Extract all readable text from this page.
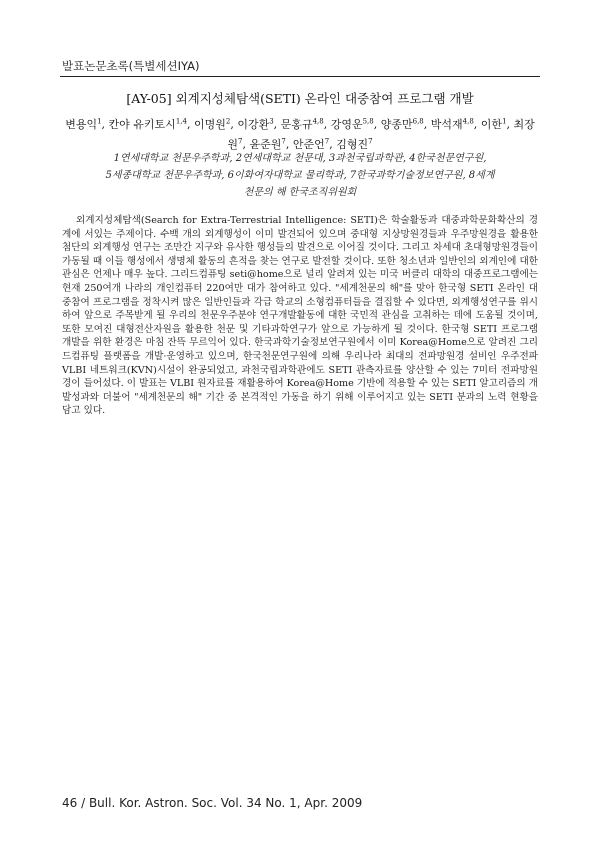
발표논문초록(특별세션IYA)
[AY-05] 외계지성체탐색(SETI) 온라인 대중참여 프로그램 개발
변용익$^1$, 칸야 유키토시$^{1,4}$, 이명원$^2$, 이강환$^3$, 문홍규$^{4,8}$, 강영운$^{5,8}$, 양종만$^{6,8}$, 박석재$^{4,8}$, 이한$^1$, 최장원$^7$, 윤준원$^7$, 안준언$^7$, 김형진$^7$
1연세대학교 천문우주학과, 2연세대학교 천문대, 3과천국립과학관, 4한국천문연구원,
5세종대학교 천문우주학과, 6이화여자대학교 물리학과, 7한국과학기술정보연구원, 8세계
천문의 해 한국조직위원회

외계지성체탐색(Search for Extra-Terrestrial Intelligence: SETI)은 학술활동과 대중과학문화확산의 경계에 서있는 주제이다. 수백 개의 외계행성이 이미 발견되어 있으며 중대형 지상망원경들과 우주망원경을 활용한 첨단의 외계행성 연구는 조만간 지구와 유사한 행성들의 발견으로 이어질 것이다. 그리고 차세대 초대형망원경들이 가동될 때 이들 행성에서 생명체 활동의 흔적을 찾는 연구로 발전할 것이다. 또한 청소년과 일반인의 외계인에 대한 관심은 언제나 매우 높다. 그리드컴퓨팅 seti@home으로 널리 알려져 있는 미국 버클리 대학의 대중프로그램에는 현재 250여개 나라의 개인컴퓨터 220여만 대가 참여하고 있다. "세계천문의 해"를 맞아 한국형 SETI 온라인 대중참여 프로그램을 정착시켜 많은 일반인들과 각급 학교의 소형컴퓨터들을 결집할 수 있다면, 외계행성연구를 위시하여 앞으로 주목받게 될 우리의 천문우주분야 연구개발활동에 대한 국민적 관심을 고취하는 데에 도움될 것이며, 또한 모여진 대형전산자원을 활용한 천문 및 기타과학연구가 앞으로 가능하게 될 것이다. 한국형 SETI 프로그램 개발을 위한 환경은 마침 잔뜩 무르익어 있다. 한국과학기술정보연구원에서 이미 Korea@Home으로 알려진 그리드컴퓨팅 플랫폼을 개발·운영하고 있으며, 한국천문연구원에 의해 우리나라 최대의 전파망원경 설비인 우주전파 VLBI 네트워크(KVN)시설이 완공되었고, 과천국립과학관에도 SETI 관측자료를 양산할 수 있는 7미터 전파망원경이 들어섰다. 이 발표는 VLBI 원자료를 재활용하여 Korea@Home 기반에 적용할 수 있는 SETI 알고리즘의 개발성과와 더불어 "세계천문의 해" 기간 중 본격적인 가동을 하기 위해 이루어지고 있는 SETI 분과의 노력 현황을 담고 있다.

46 / Bull. Kor. Astron. Soc. Vol. 34 No. 1, Apr. 2009
